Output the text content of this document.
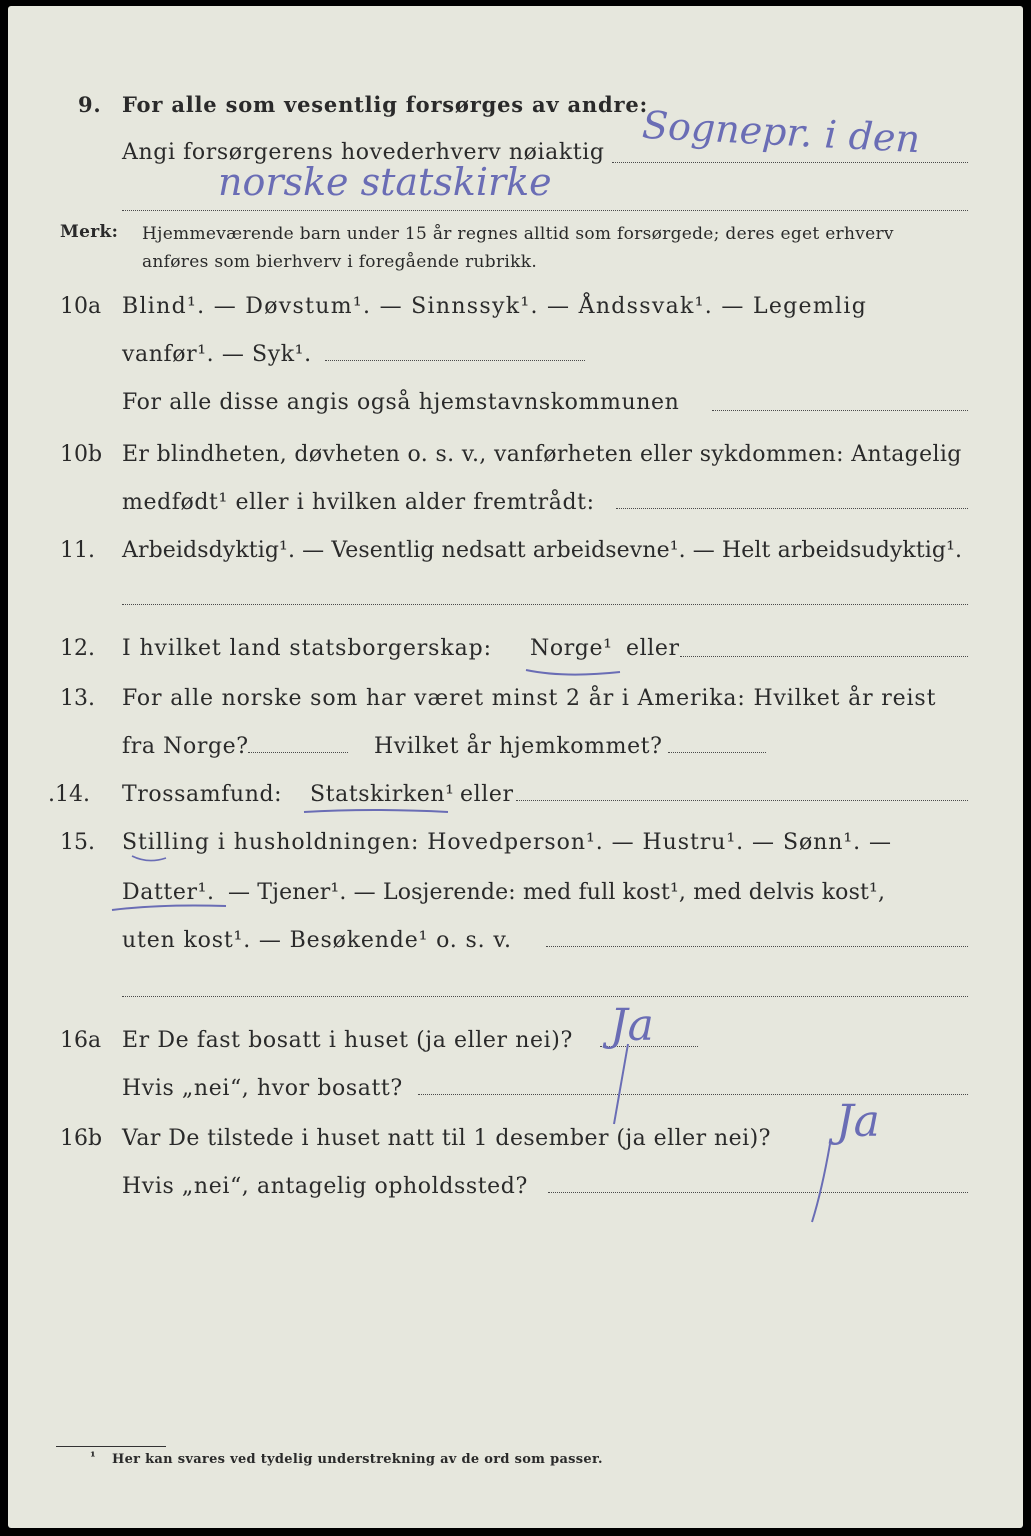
9. For alle som vesentlig forsørges av andre:
Angi forsørgerens hovederhverv nøiaktig Sognepr. i den
norske statskirke
Merk: Hjemmeværende barn under 15 år regnes alltid som forsørgede; deres eget erhverv
anføres som bierhverv i foregående rubrikk.
10a Blind¹. — Døvstum¹. — Sinnssyk¹. — Åndssvak¹. — Legemlig
vanfør¹. — Syk¹.
For alle disse angis også hjemstavnskommunen
10b Er blindheten, døvheten o. s. v., vanførheten eller sykdommen: Antagelig
medfødt¹ eller i hvilken alder fremtrådt:
11. Arbeidsdyktig¹. — Vesentlig nedsatt arbeidsevne¹. — Helt arbeidsudyktig¹.
12. I hvilket land statsborgerskap: Norge¹ eller
13. For alle norske som har været minst 2 år i Amerika: Hvilket år reist
fra Norge?	Hvilket år hjemkommet?
.14. Trossamfund: Statskirken¹ eller
15. Stilling i husholdningen: Hovedperson¹. — Hustru¹. — Sønn¹. —
Datter¹. — Tjener¹. — Losjerende: med full kost¹, med delvis kost¹,
uten kost¹. — Besøkende¹ o. s. v.
16a Er De fast bosatt i huset (ja eller nei)? Ja
Hvis „nei“, hvor bosatt?
16b Var De tilstede i huset natt til 1 desember (ja eller nei)? Ja
Hvis „nei“, antagelig opholdssted?
¹ Her kan svares ved tydelig understrekning av de ord som passer.
